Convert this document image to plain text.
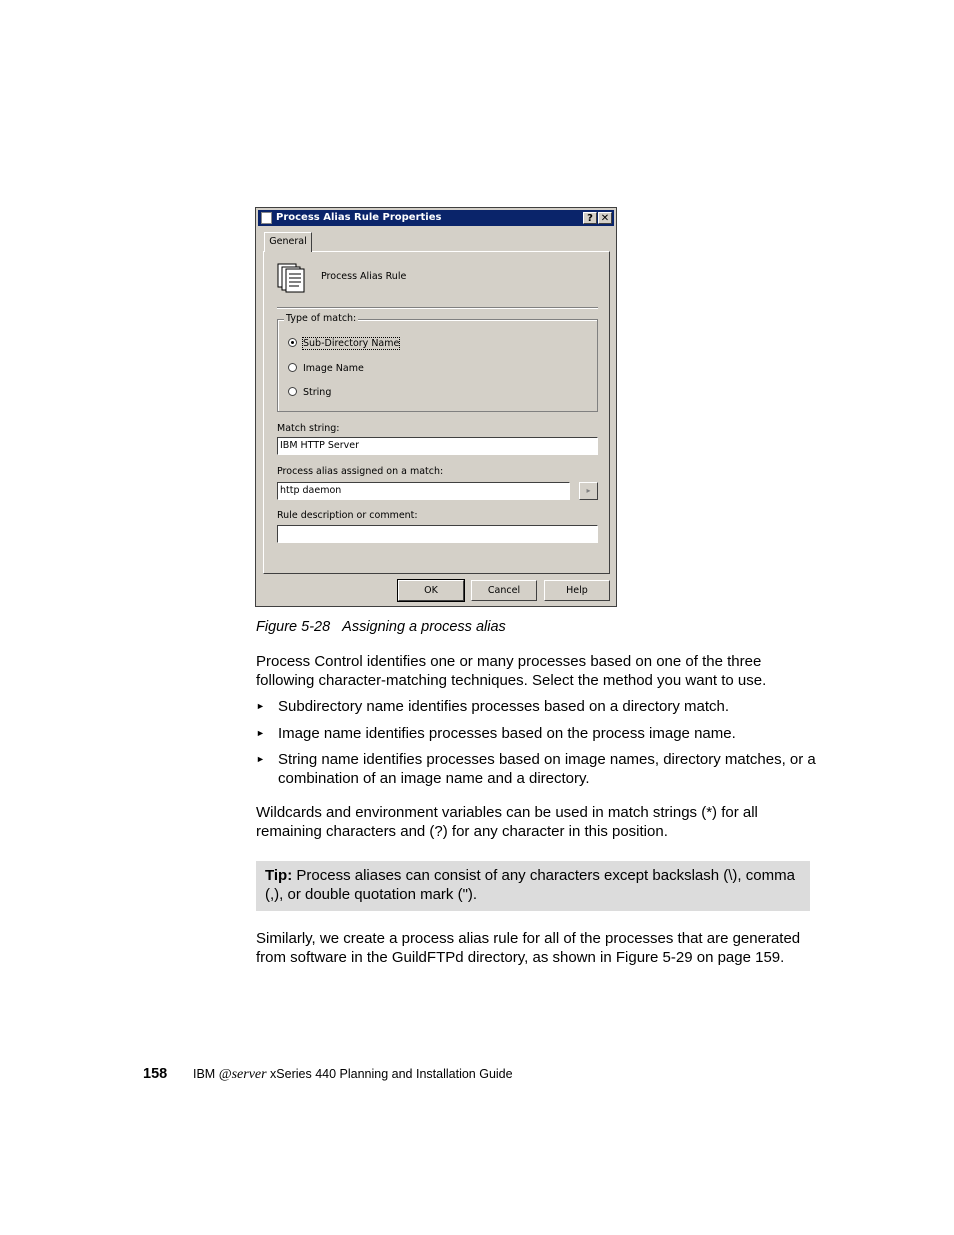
Process Alias Rule Properties	? ✕
General
Process Alias Rule
Type of match:
Sub-Directory Name
Image Name
String
Match string:
IBM HTTP Server
Process alias assigned on a match:
http daemon	▸
Rule description or comment:
OK	Cancel	Help
Figure 5-28 Assigning a process alias

Process Control identifies one or many processes based on one of the three following character-matching techniques. Select the method you want to use.

► Subdirectory name identifies processes based on a directory match.
► Image name identifies processes based on the process image name.
► String name identifies processes based on image names, directory matches, or a combination of an image name and a directory.

Wildcards and environment variables can be used in match strings (*) for all remaining characters and (?) for any character in this position.

Tip: Process aliases can consist of any characters except backslash (\), comma (,), or double quotation mark (").

Similarly, we create a process alias rule for all of the processes that are generated from software in the GuildFTPd directory, as shown in Figure 5-29 on page 159.

158 IBM @server xSeries 440 Planning and Installation Guide
